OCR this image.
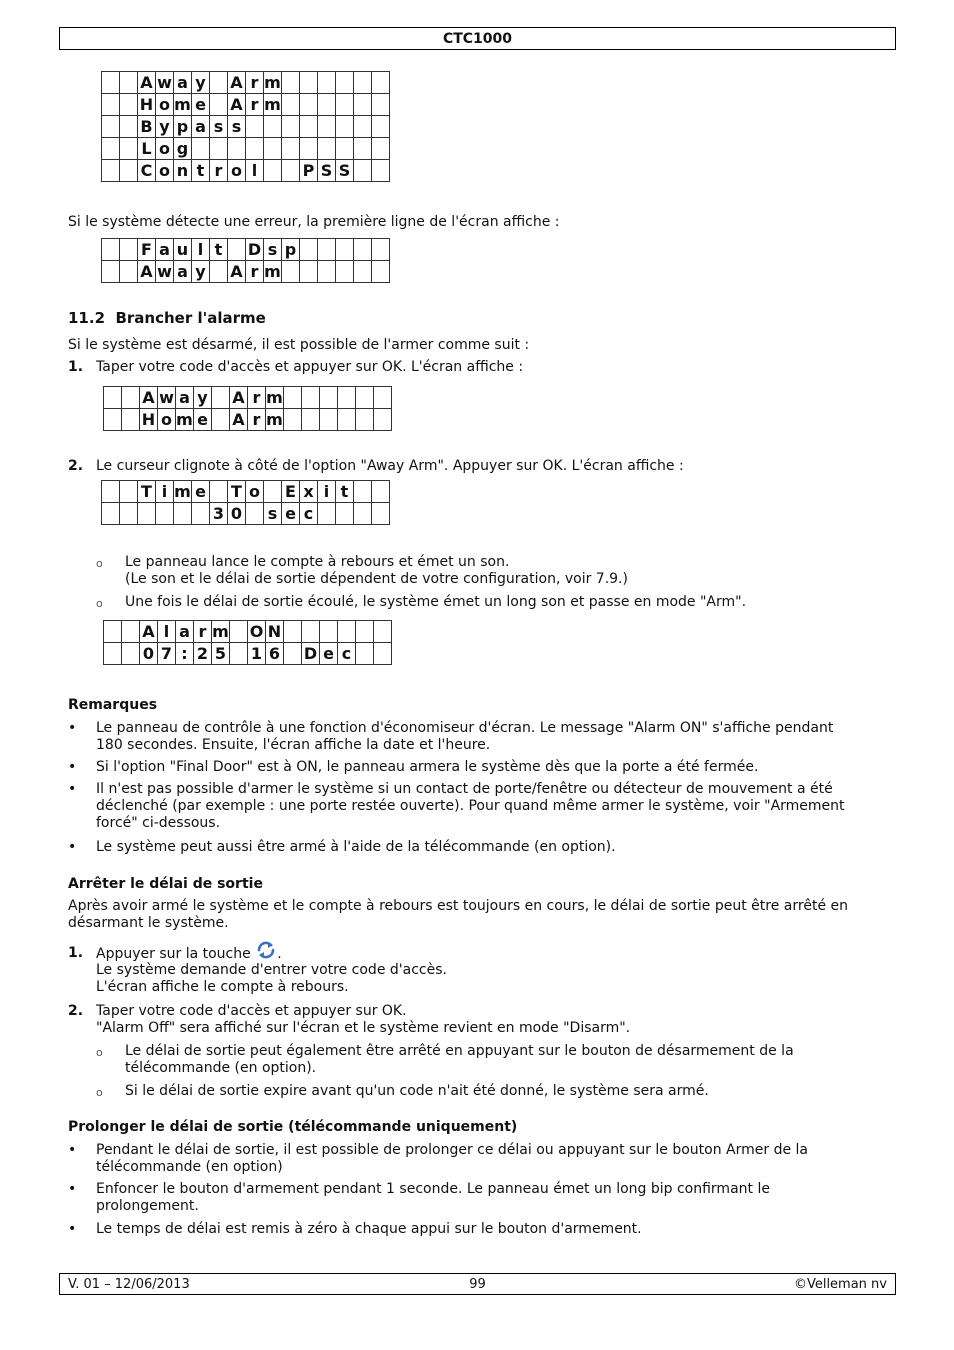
CTC1000
		A	w	a	y		A	r	m						
		H	o	m	e		A	r	m						
		B	y	p	a	s	s								
		L	o	g											
		C	o	n	t	r	o	l			P	S	S		
Si le système détecte une erreur, la première ligne de l'écran affiche :
		F	a	u	l	t		D	s	p					
		A	w	a	y		A	r	m						
11.2 Brancher l'alarme
Si le système est désarmé, il est possible de l'armer comme suit :
1. Taper votre code d'accès et appuyer sur OK. L'écran affiche :
		A	w	a	y		A	r	m						
		H	o	m	e		A	r	m						
2. Le curseur clignote à côté de l'option "Away Arm". Appuyer sur OK. L'écran affiche :
		T	i	m	e		T	o		E	x	i	t		
						3	0		s	e	c				
o Le panneau lance le compte à rebours et émet un son.
(Le son et le délai de sortie dépendent de votre configuration, voir 7.9.)
o Une fois le délai de sortie écoulé, le système émet un long son et passe en mode "Arm".
		A	l	a	r	m		O	N						
		0	7	:	2	5		1	6		D	e	c		
Remarques
• Le panneau de contrôle à une fonction d'économiseur d'écran. Le message "Alarm ON" s'affiche pendant
180 secondes. Ensuite, l'écran affiche la date et l'heure.
• Si l'option "Final Door" est à ON, le panneau armera le système dès que la porte a été fermée.
• Il n'est pas possible d'armer le système si un contact de porte/fenêtre ou détecteur de mouvement a été
déclenché (par exemple : une porte restée ouverte). Pour quand même armer le système, voir "Armement
forcé" ci-dessous.
• Le système peut aussi être armé à l'aide de la télécommande (en option).
Arrêter le délai de sortie
Après avoir armé le système et le compte à rebours est toujours en cours, le délai de sortie peut être arrêté en
désarmant le système.
1. Appuyer sur la touche .
Le système demande d'entrer votre code d'accès.
L'écran affiche le compte à rebours.
2. Taper votre code d'accès et appuyer sur OK.
"Alarm Off" sera affiché sur l'écran et le système revient en mode "Disarm".
o Le délai de sortie peut également être arrêté en appuyant sur le bouton de désarmement de la
télécommande (en option).
o Si le délai de sortie expire avant qu'un code n'ait été donné, le système sera armé.
Prolonger le délai de sortie (télécommande uniquement)
• Pendant le délai de sortie, il est possible de prolonger ce délai ou appuyant sur le bouton Armer de la
télécommande (en option)
• Enfoncer le bouton d'armement pendant 1 seconde. Le panneau émet un long bip confirmant le
prolongement.
• Le temps de délai est remis à zéro à chaque appui sur le bouton d'armement.
V. 01 – 12/06/2013	99	©Velleman nv
